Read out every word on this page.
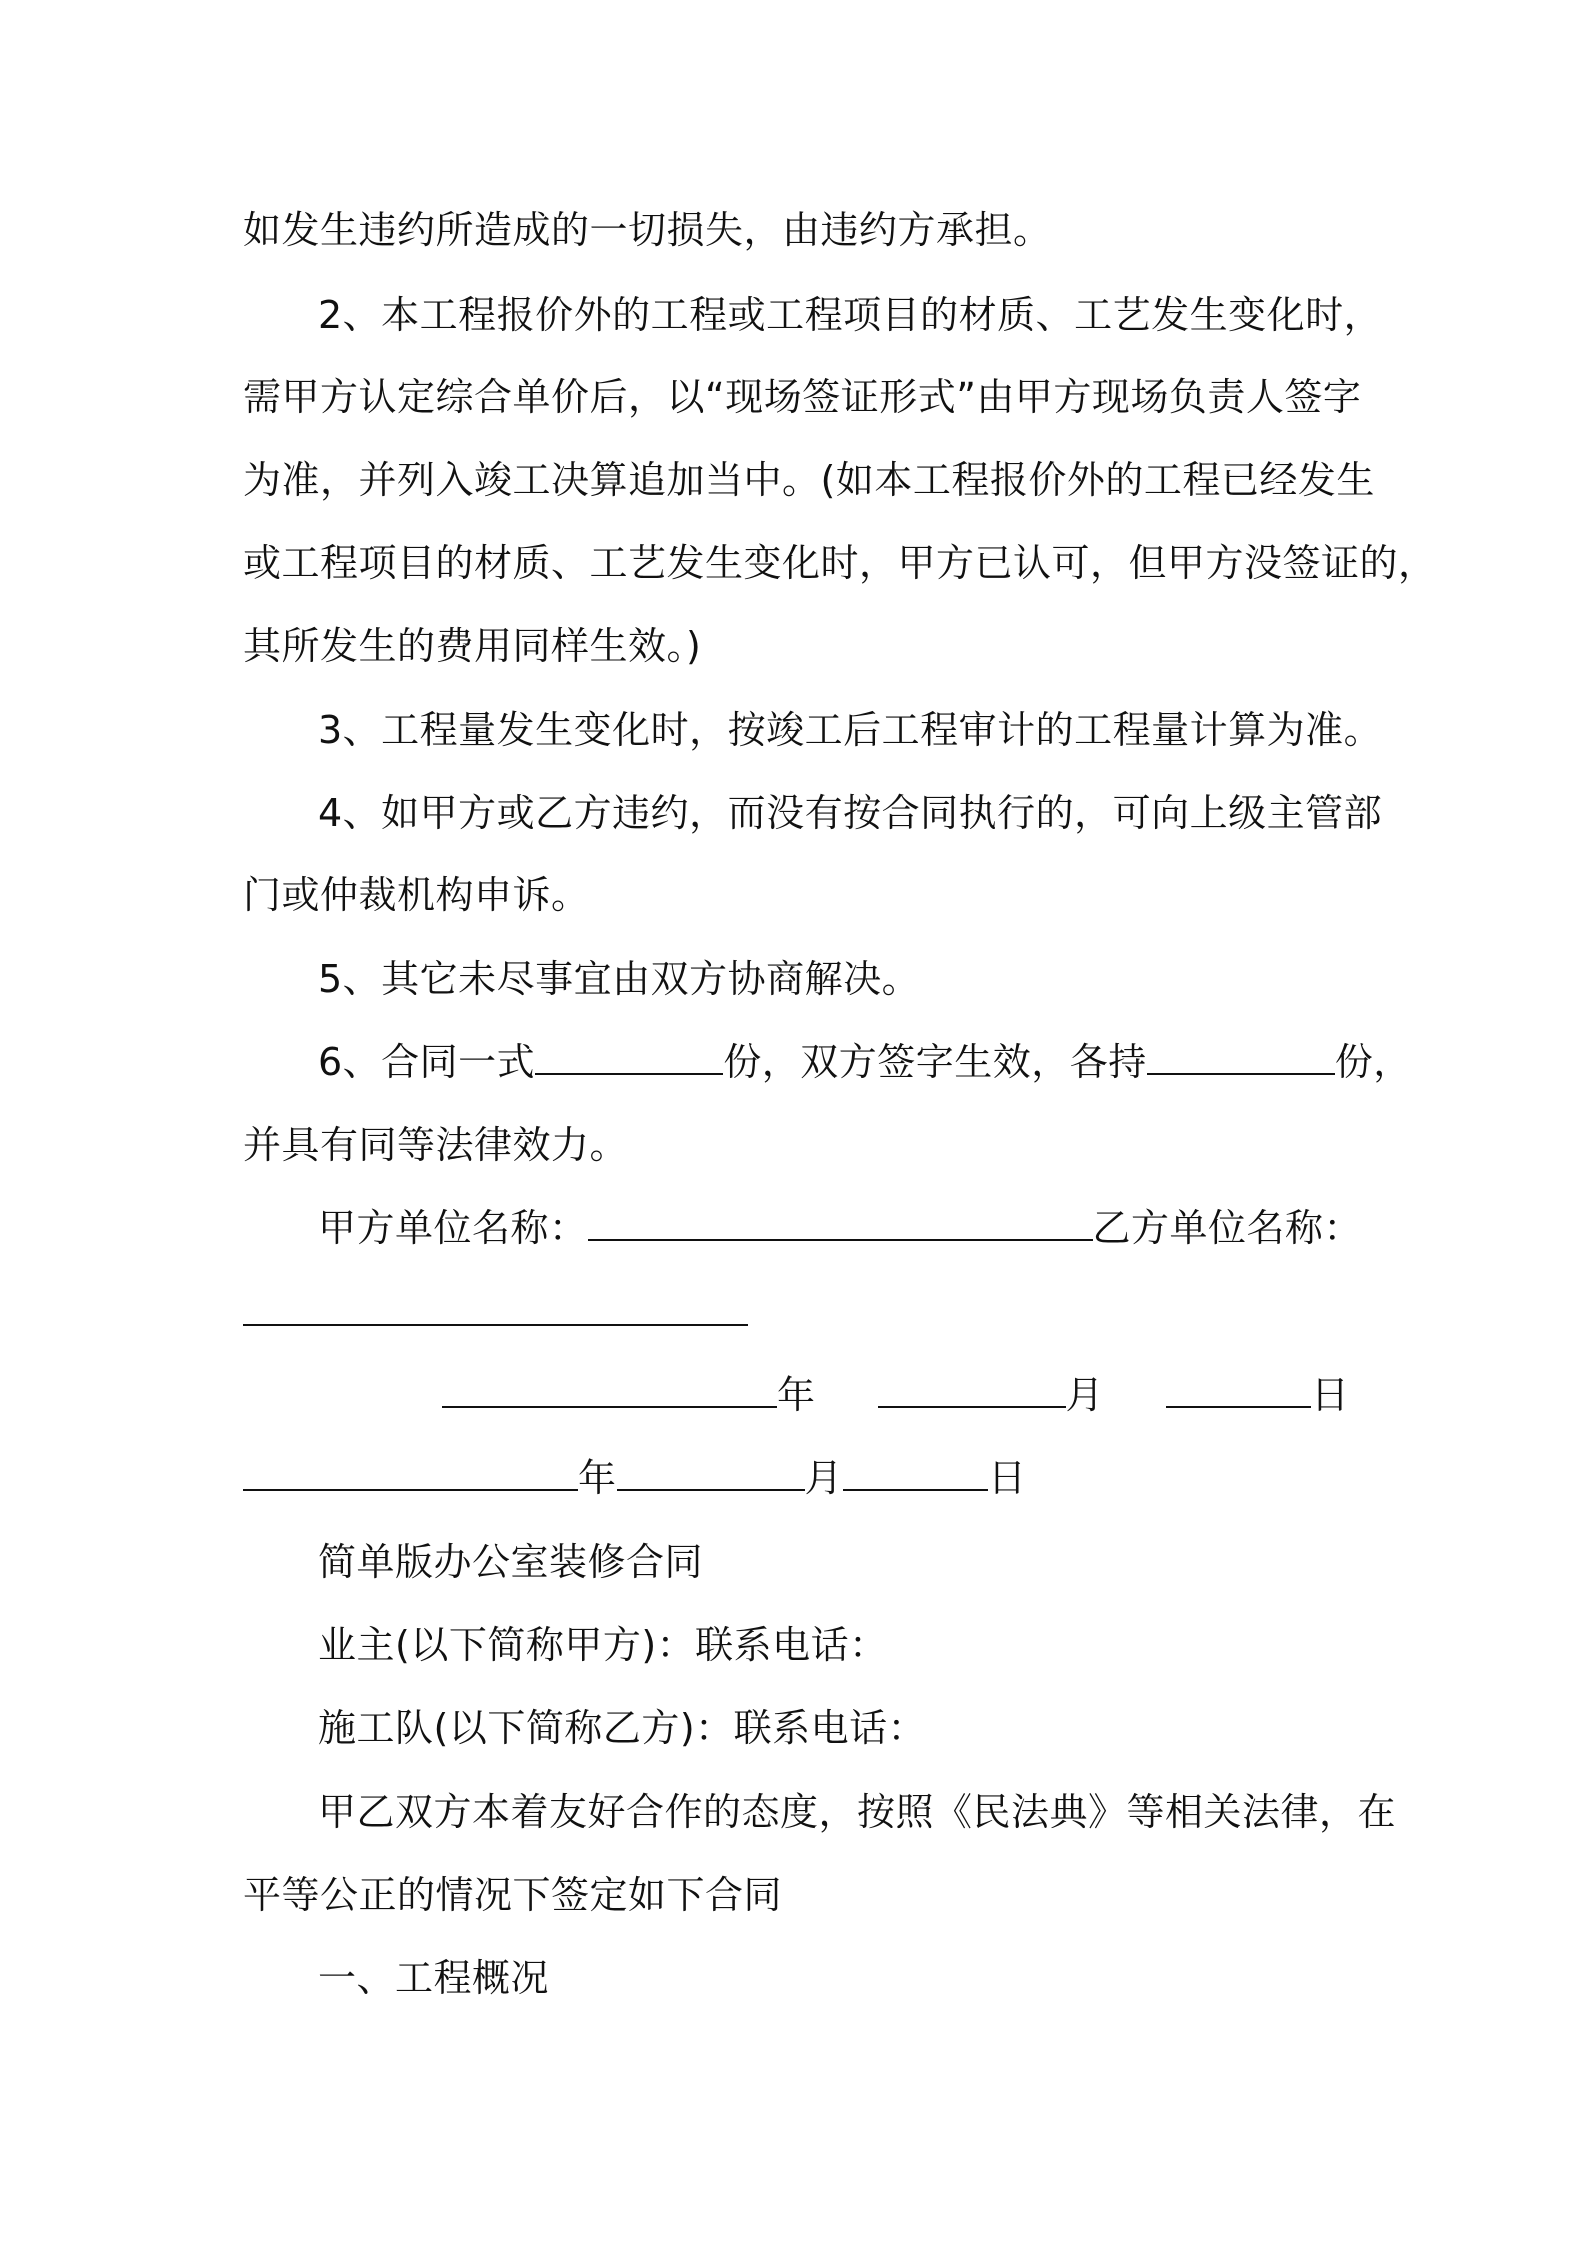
如发生违约所造成的一切损失，由违约方承担。
2、本工程报价外的工程或工程项目的材质、工艺发生变化时，
需甲方认定综合单价后，以“现场签证形式”由甲方现场负责人签字
为准，并列入竣工决算追加当中。(如本工程报价外的工程已经发生
或工程项目的材质、工艺发生变化时，甲方已认可，但甲方没签证的，
其所发生的费用同样生效。)
3、工程量发生变化时，按竣工后工程审计的工程量计算为准。
4、如甲方或乙方违约，而没有按合同执行的，可向上级主管部
门或仲裁机构申诉。
5、其它未尽事宜由双方协商解决。
6、合同一式	份，双方签字生效，各持	份，
并具有同等法律效力。
甲方单位名称：	乙方单位名称：
年	月	日
年	月	日
简单版办公室装修合同
业主(以下简称甲方)：联系电话：
施工队(以下简称乙方)：联系电话：
甲乙双方本着友好合作的态度，按照《民法典》等相关法律，在
平等公正的情况下签定如下合同
一、工程概况
